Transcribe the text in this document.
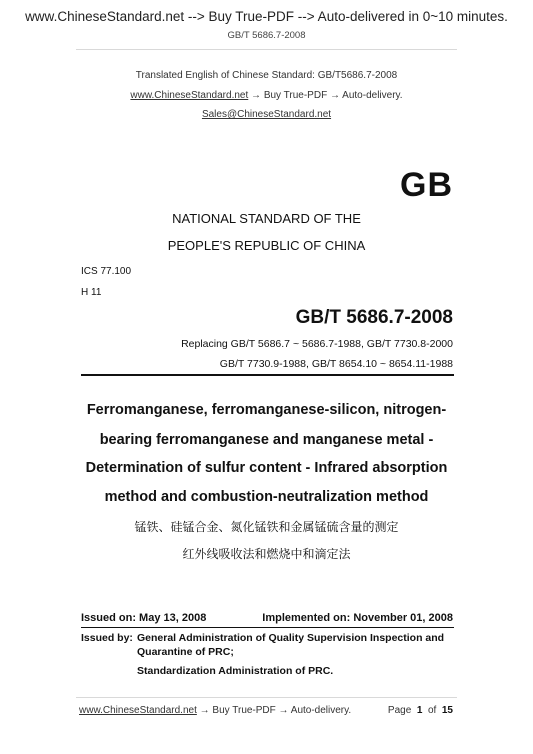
www.ChineseStandard.net --> Buy True-PDF --> Auto-delivered in 0~10 minutes.
GB/T 5686.7-2008
Translated English of Chinese Standard: GB/T5686.7-2008
www.ChineseStandard.net → Buy True-PDF → Auto-delivery.
Sales@ChineseStandard.net
GB
NATIONAL STANDARD OF THE
PEOPLE'S REPUBLIC OF CHINA
ICS 77.100
H 11
GB/T 5686.7-2008
Replacing GB/T 5686.7 ~ 5686.7-1988, GB/T 7730.8-2000
GB/T 7730.9-1988, GB/T 8654.10 ~ 8654.11-1988
Ferromanganese, ferromanganese-silicon, nitrogen-
bearing ferromanganese and manganese metal -
Determination of sulfur content - Infrared absorption
method and combustion-neutralization method
锰铁、硅锰合金、氮化锰铁和金属锰硫含量的测定
红外线吸收法和燃烧中和滴定法
Issued on: May 13, 2008	Implemented on: November 01, 2008
Issued by: General Administration of Quality Supervision Inspection and
Quarantine of PRC;
Standardization Administration of PRC.
www.ChineseStandard.net → Buy True-PDF → Auto-delivery.	Page 1 of 15
